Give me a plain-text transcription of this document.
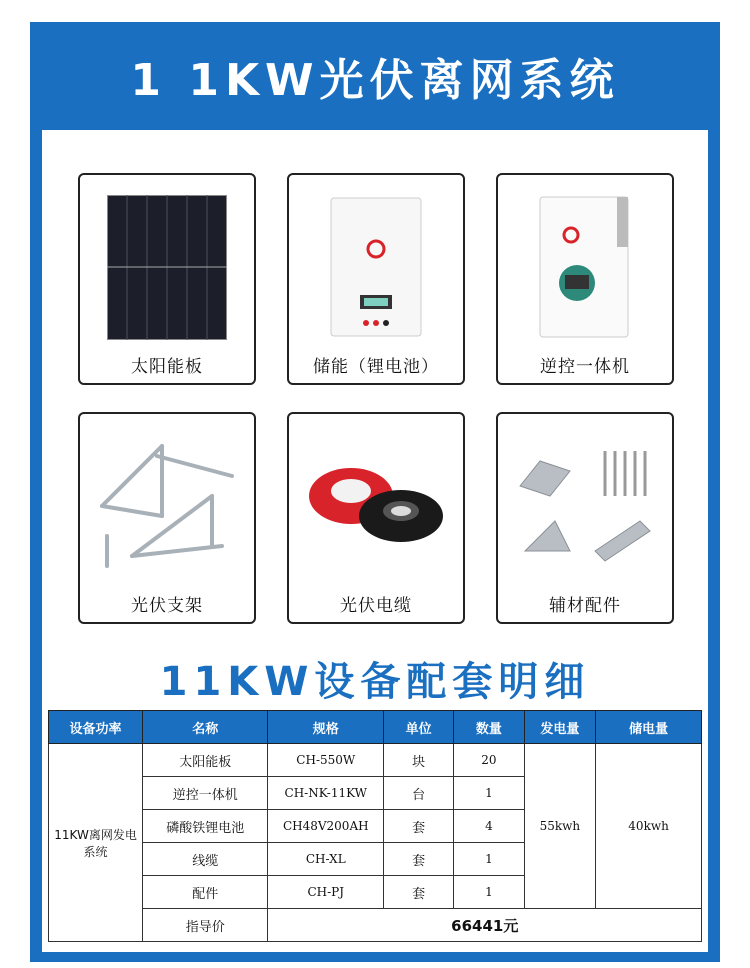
1 1KW光伏离网系统
太阳能板	储能（锂电池）	逆控一体机
光伏支架	光伏电缆	辅材配件
11KW设备配套明细
设备功率	名称	规格	单位	数量	发电量	储电量
11KW离网发电系统	太阳能板	CH-550W	块	20	55kwh	40kwh
	逆控一体机	CH-NK-11KW	台	1		
	磷酸铁锂电池	CH48V200AH	套	4		
	线缆	CH-XL	套	1		
	配件	CH-PJ	套	1		
	指导价	66441元				
